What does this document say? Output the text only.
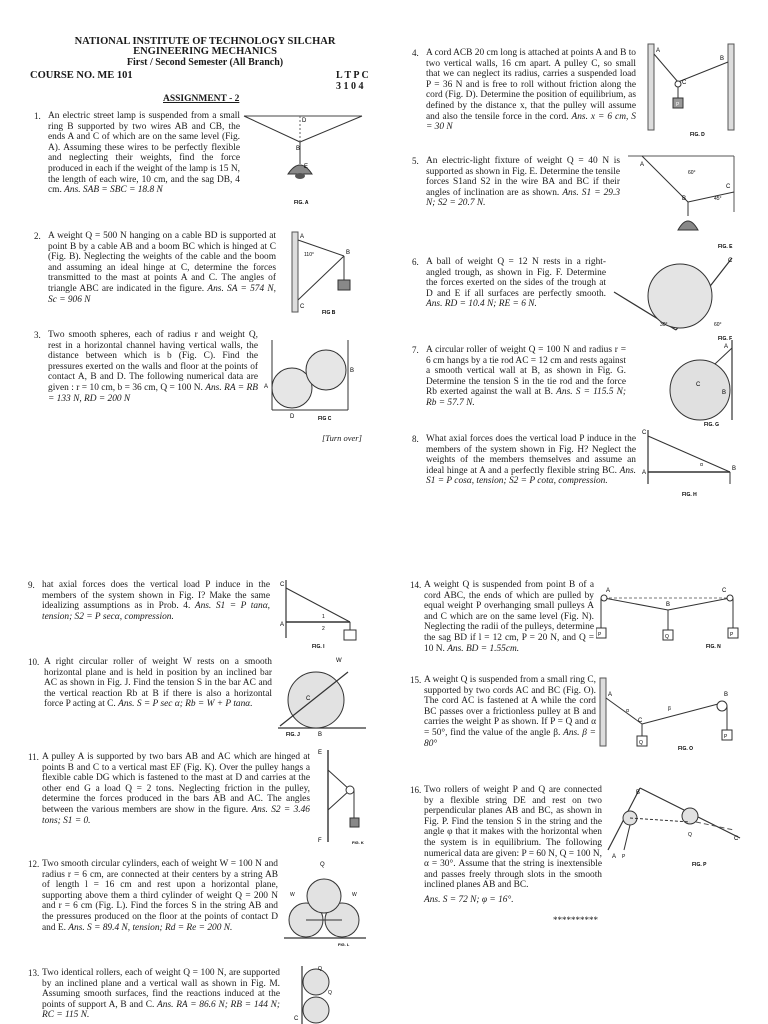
NATIONAL INSTITUTE OF TECHNOLOGY SILCHAR
ENGINEERING MECHANICS
First / Second Semester (All Branch)
COURSE NO. ME 101	L T P C
3 1 0 4
ASSIGNMENT - 2
1. An electric street lamp is suspended from a small ring B supported by two wires AB and CB, the ends A and C of which are on the same level (Fig. A). Assuming these wires to be perfectly flexible and neglecting their weights, find the force produced in each if the weight of the lamp is 15 N, the length of each wire, 10 cm, and the sag DB, 4 cm. Ans. SAB = SBC = 18.8 N
D
B
E
FIG. A
2. A weight Q = 500 N hanging on a cable BD is supported at point B by a cable AB and a boom BC which is hinged at C (Fig. B). Neglecting the weights of the cable and the boom and assuming an ideal hinge at C, determine the forces transmitted to the mast at points A and C. The angles of triangle ABC are indicated in the figure. Ans. SA = 574 N, Sc = 906 N
110°
A
C
B
FIG B
3. Two smooth spheres, each of radius r and weight Q, rest in a horizontal channel having vertical walls, the distance between which is b (Fig. C). Find the pressures exerted on the walls and floor at the points of contact A, B and D. The following numerical data are given : r = 10 cm, b = 36 cm, Q = 100 N. Ans. RA = RB = 133 N, RD = 200 N
A
B
D	FIG C
[Turn over]
4. A cord ACB 20 cm long is attached at points A and B to two vertical walls, 16 cm apart. A pulley C, so small that we can neglect its radius, carries a suspended load P = 36 N and is free to roll without friction along the cord (Fig. D). Determine the position of equilibrium, as defined by the distance x, that the pulley will assume and also the tensile force in the cord. Ans. x = 6 cm, S = 30 N
A
B
C
P
FIG. D
5. An electric-light fixture of weight Q = 40 N is supported as shown in Fig. E. Determine the tensile forces S1and S2 in the wire BA and BC if their angles of inclination are as shown. Ans. S1 = 29.3 N; S2 = 20.7 N.
60°
45°
A
B
C
FIG. E
6. A ball of weight Q = 12 N rests in a right-angled trough, as shown in Fig. F. Determine the forces exerted on the sides of the trough at D and E if all surfaces are perfectly smooth. Ans. RD = 10.4 N; RE = 6 N.
30°	60°
C
FIG. F
7. A circular roller of weight Q = 100 N and radius r = 6 cm hangs by a tie rod AC = 12 cm and rests against a smooth vertical wall at B, as shown in Fig. G. Determine the tension S in the tie rod and the force Rb exerted against the wall at B. Ans. S = 115.5 N; Rb = 57.7 N.
A
C
B
FIG. G
8. What axial forces does the vertical load P induce in the members of the system shown in Fig. H? Neglect the weights of the members themselves and assume an ideal hinge at A and a perfectly flexible string BC. Ans. S1 = P cosα, tension; S2 = P cotα, compression.
C
A
α
B
FIG. H
9. hat axial forces does the vertical load P induce in the members of the system shown in Fig. I? Make the same idealizing assumptions as in Prob. 4. Ans. S1 = P tanα, tension; S2 = P secα, compression.
C
A
1
2
FIG. I
10. A right circular roller of weight W rests on a smooth horizontal plane and is held in position by an inclined bar AC as shown in Fig. J. Find the tension S in the bar AC and the vertical reaction Rb at B if there is also a horizontal force P acting at C. Ans. S = P sec α; Rb = W + P tanα.
W
C
B
FIG. J
11. A pulley A is supported by two bars AB and AC which are hinged at points B and C to a vertical mast EF (Fig. K). Over the pulley hangs a flexible cable DG which is fastened to the mast at D and carries at the other end G a load Q = 2 tons. Neglecting friction in the pulley, determine the forces produced in the bars AB and AC. The angles between the various members are show in the figure. Ans. S2 = 3.46 tons; S1 = 0.
E
F	FIG. K
12. Two smooth circular cylinders, each of weight W = 100 N and radius r = 6 cm, are connected at their centers by a string AB of length l = 16 cm and rest upon a horizontal plane, supporting above them a third cylinder of weight Q = 200 N and r = 6 cm (Fig. L). Find the forces S in the string AB and the pressures produced on the floor at the points of contact D and E. Ans. S = 89.4 N, tension; Rd = Re = 200 N.
W	W
Q
FIG. L
13. Two identical rollers, each of weight Q = 100 N, are supported by an inclined plane and a vertical wall as shown in Fig. M. Assuming smooth surfaces, find the reactions induced at the points of support A, B and C. Ans. RA = 86.6 N; RB = 144 N; RC = 115 N.	C
Q
Q
14. A weight Q is suspended from point B of a cord ABC, the ends of which are pulled by equal weight P overhanging small pulleys A and C which are on the same level (Fig. N). Neglecting the radii of the pulleys, determine the sag BD if l = 12 cm, P = 20 N, and Q = 10 N. Ans. BD = 1.55cm.
P	P
Q
A	C
B
FIG. N
15. A weight Q is suspended from a small ring C, supported by two cords AC and BC (Fig. O). The cord AC is fastened at A while the cord BC passes over a frictionless pulley at B and carries the weight P as shown. If P = Q and α = 50°, find the value of the angle β. Ans. β = 80°
A
α	β
C
B
P
Q
FIG. O
16. Two rollers of weight P and Q are connected by a flexible string DE and rest on two perpendicular planes AB and BC, as shown in Fig. P. Find the tension S in the string and the angle φ that it makes with the horizontal when the system is in equilibrium. The following numerical data are given: P = 60 N, Q = 100 N, α = 30°. Assume that the string is inextensible and passes freely through slots in the smooth inclined planes AB and BC.
Ans. S = 72 N; φ = 16°.
B
C
A P
Q
FIG. P
**********
